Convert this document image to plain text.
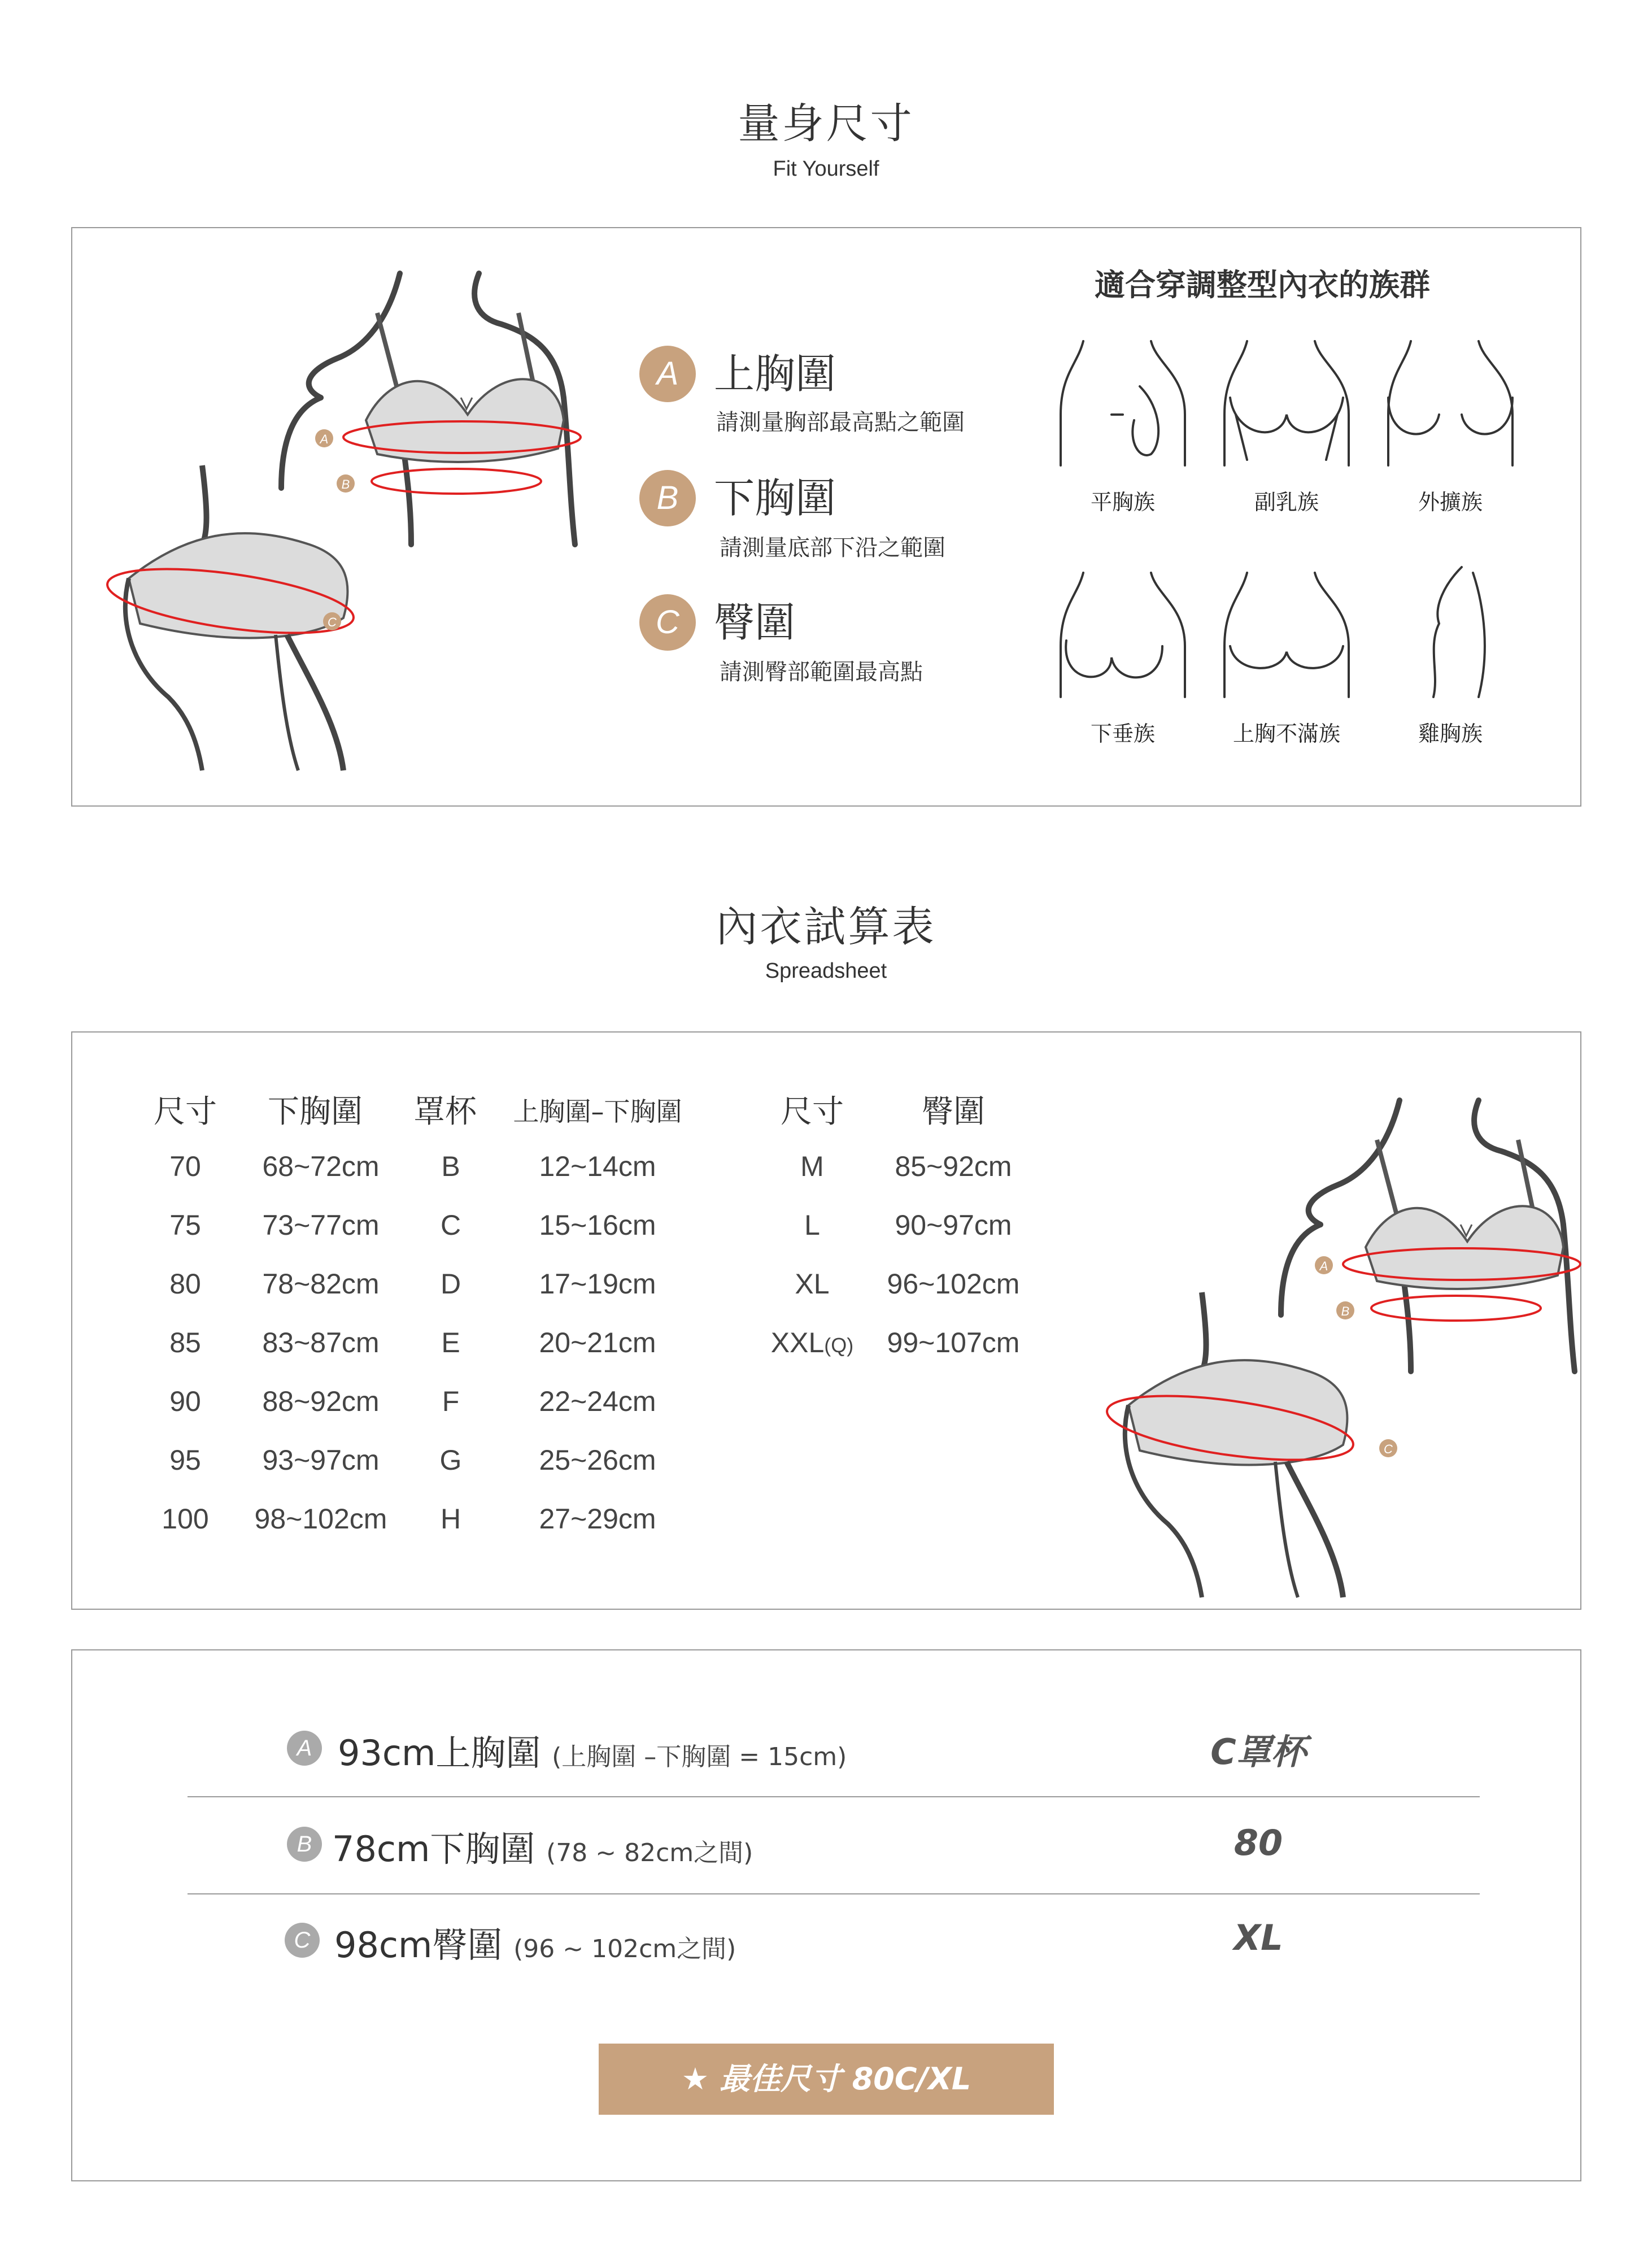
量身尺寸
Fit Yourself
A
B
C
A 上胸圍
請測量胸部最高點之範圍
B 下胸圍
請測量底部下沿之範圍
C 臀圍
請測臀部範圍最高點
適合穿調整型內衣的族群
平胸族	副乳族	外擴族
下垂族	上胸不滿族	雞胸族
內衣試算表
Spreadsheet
尺寸	下胸圍	罩杯	上胸圍–下胸圍
70	68~72cm	B	12~14cm
75	73~77cm	C	15~16cm
80	78~82cm	D	17~19cm
85	83~87cm	E	20~21cm
90	88~92cm	F	22~24cm
95	93~97cm	G	25~26cm
100	98~102cm	H	27~29cm
尺寸	臀圍
M	85~92cm
L	90~97cm
XL	96~102cm
XXL(Q)	99~107cm
A
B
C
A 93cm上胸圍 (上胸圍 –下胸圍 = 15cm)	C罩杯
B 78cm下胸圍 (78 ~ 82cm之間)	80
C 98cm臀圍 (96 ~ 102cm之間)	XL
★ 最佳尺寸 80C/XL
